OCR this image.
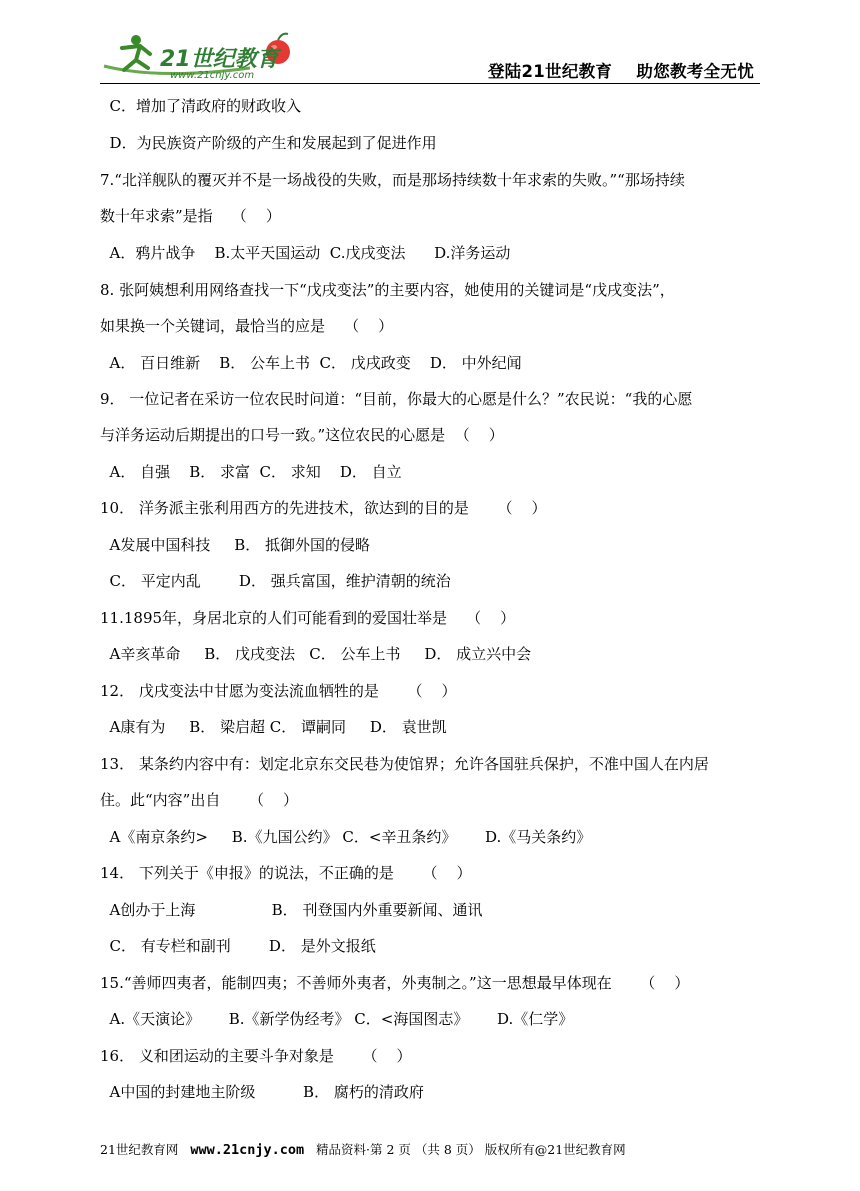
21世纪教育
www.21cnjy.com	登陆21世纪教育    助您教考全无忧
C．增加了清政府的财政收入
D．为民族资产阶级的产生和发展起到了促进作用
7.“北洋舰队的覆灭并不是一场战役的失败，而是那场持续数十年求索的失败。”“那场持续
数十年求索”是指    （    ）
A．鸦片战争    B.太平天国运动  C.戊戌变法      D.洋务运动
8. 张阿姨想利用网络查找一下“戊戌变法”的主要内容，她使用的关键词是“戊戌变法”，
如果换一个关键词，最恰当的应是    （    ）
A． 百日维新    B． 公车上书  C． 戊戌政变    D． 中外纪闻
9． 一位记者在采访一位农民时问道：“目前，你最大的心愿是什么？”农民说：“我的心愿
与洋务运动后期提出的口号一致。”这位农民的心愿是  （    ）
A． 自强    B． 求富  C． 求知    D． 自立
10． 洋务派主张利用西方的先进技术，欲达到的目的是      （    ）
A发展中国科技     B． 抵御外国的侵略
C． 平定内乱        D． 强兵富国，维护清朝的统治
11.1895年，身居北京的人们可能看到的爱国壮举是    （    ）
A辛亥革命     B． 戊戌变法   C． 公车上书     D． 成立兴中会
12． 戊戌变法中甘愿为变法流血牺牲的是      （    ）
A康有为     B． 梁启超 C． 谭嗣同     D． 袁世凯
13． 某条约内容中有：划定北京东交民巷为使馆界；允许各国驻兵保护，不准中国人在内居
住。此“内容”出自      （    ）
A《南京条约>     B.《九国公约》 C．<辛丑条约》      D.《马关条约》
14． 下列关于《申报》的说法，不正确的是      （    ）
A创办于上海                B． 刊登国内外重要新闻、通讯
C． 有专栏和副刊        D． 是外文报纸
15.“善师四夷者，能制四夷；不善师外夷者，外夷制之。”这一思想最早体现在      （    ）
A.《天演论》      B.《新学伪经考》 C．<海国图志》      D.《仁学》
16． 义和团运动的主要斗争对象是      （    ）
A中国的封建地主阶级          B． 腐朽的清政府
21世纪教育网 www.21cnjy.com 精品资料·第 2 页 （共 8 页） 版权所有@21世纪教育网
